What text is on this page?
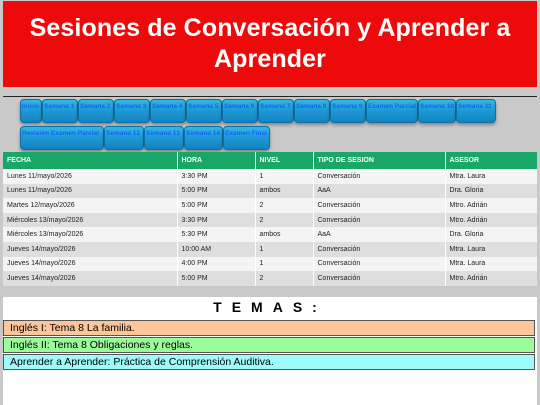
Sesiones de Conversación y Aprender a
Aprender
Inicio Semana 1 Semana 2 Semana 3 Semana 4 Semana 5 Semana 6 Semana 7 Semana 8 Semana 9 Examen Parcial Semana 10 Semana 11
Revisión Examen Parcial	Semana 12 Semana 13 Semana 14 Examen Final
FECHA	HORA	NIVEL	TIPO DE SESION	ASESOR
Lunes 11/mayo/2026	3:30 PM	1	Conversación	Mtra. Laura
Lunes 11/mayo/2026	5:00 PM	ambos	AaA	Dra. Gloria
Martes 12/mayo/2026	5:00 PM	2	Conversación	Mtro. Adrián
Miércoles 13/mayo/2026	3:30 PM	2	Conversación	Mtro. Adrián
Miércoles 13/mayo/2026	5:30 PM	ambos	AaA	Dra. Gloria
Jueves 14/mayo/2026	10:00 AM	1	Conversación	Mtra. Laura
Jueves 14/mayo/2026	4:00 PM	1	Conversación	Mtra. Laura
Jueves 14/mayo/2026	5:00 PM	2	Conversación	Mtro. Adrián
TEMAS:
Inglés I: Tema 8 La familia.
Inglés II: Tema 8 Obligaciones y reglas.
Aprender a Aprender: Práctica de Comprensión Auditiva.
